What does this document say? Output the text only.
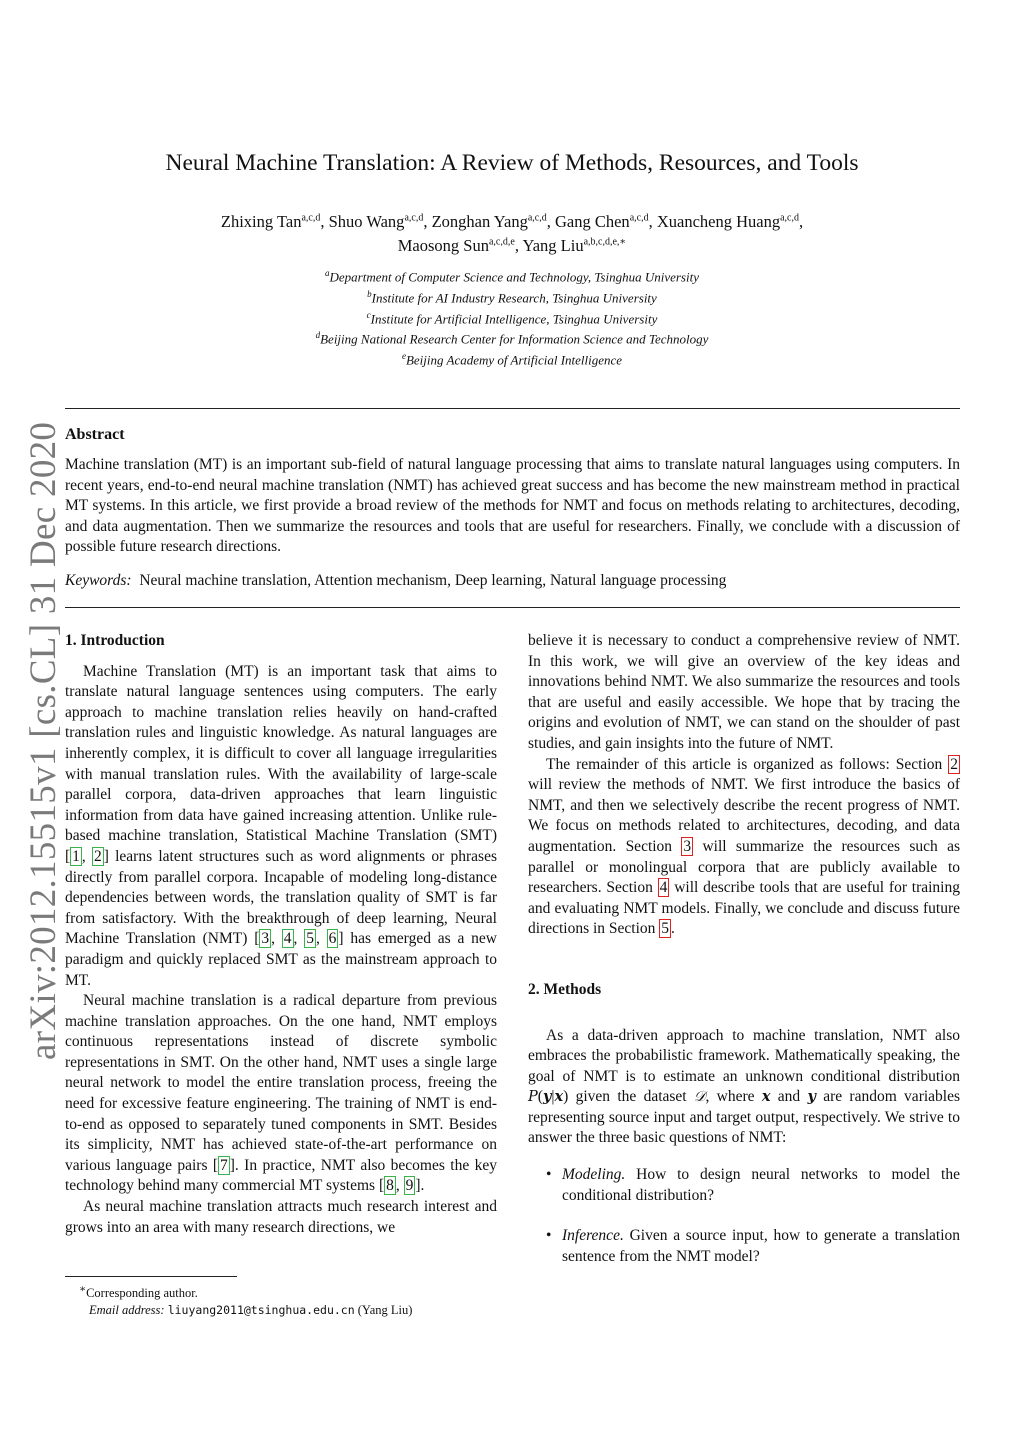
arXiv:2012.15515v1 [cs.CL] 31 Dec 2020
Neural Machine Translation: A Review of Methods, Resources, and Tools
Zhixing Tan$^{a,c,d}$, Shuo Wang$^{a,c,d}$, Zonghan Yang$^{a,c,d}$, Gang Chen$^{a,c,d}$, Xuancheng Huang$^{a,c,d}$,
Maosong Sun$^{a,c,d,e}$, Yang Liu$^{a,b,c,d,e,∗}$
$^a$Department of Computer Science and Technology, Tsinghua University
$^b$Institute for AI Industry Research, Tsinghua University
$^c$Institute for Artificial Intelligence, Tsinghua University
$^d$Beijing National Research Center for Information Science and Technology
$^e$Beijing Academy of Artificial Intelligence
Abstract
Machine translation (MT) is an important sub-field of natural language processing that aims to translate natural languages using computers. In recent years, end-to-end neural machine translation (NMT) has achieved great success and has become the new mainstream method in practical MT systems. In this article, we first provide a broad review of the methods for NMT and focus on methods relating to architectures, decoding, and data augmentation. Then we summarize the resources and tools that are useful for researchers. Finally, we conclude with a discussion of possible future research directions.
Keywords: Neural machine translation, Attention mechanism, Deep learning, Natural language processing
1. Introduction

Machine Translation (MT) is an important task that aims to translate natural language sentences using computers. The early approach to machine translation relies heavily on hand-crafted translation rules and linguistic knowledge. As natural languages are inherently complex, it is difficult to cover all language irregularities with manual translation rules. With the availability of large-scale parallel corpora, data-driven approaches that learn linguistic information from data have gained increasing attention. Unlike rule-based machine translation, Statistical Machine Translation (SMT) [ 1 , 2 ] learns latent structures such as word alignments or phrases directly from parallel corpora. Incapable of modeling long-distance dependencies between words, the translation quality of SMT is far from satisfactory. With the breakthrough of deep learning, Neural Machine Translation (NMT) [ 3 , 4 , 5 , 6 ] has emerged as a new paradigm and quickly replaced SMT as the mainstream approach to MT.

Neural machine translation is a radical departure from previous machine translation approaches. On the one hand, NMT employs continuous representations instead of discrete symbolic representations in SMT. On the other hand, NMT uses a single large neural network to model the entire translation process, freeing the need for excessive feature engineering. The training of NMT is end-to-end as opposed to separately tuned components in SMT. Besides its simplicity, NMT has achieved state-of-the-art performance on various language pairs [ 7 ]. In practice, NMT also becomes the key technology behind many commercial MT systems [ 8 , 9 ].

As neural machine translation attracts much research interest and grows into an area with many research directions, we

believe it is necessary to conduct a comprehensive review of NMT. In this work, we will give an overview of the key ideas and innovations behind NMT. We also summarize the resources and tools that are useful and easily accessible. We hope that by tracing the origins and evolution of NMT, we can stand on the shoulder of past studies, and gain insights into the future of NMT.

The remainder of this article is organized as follows: Section 2 will review the methods of NMT. We first introduce the basics of NMT, and then we selectively describe the recent progress of NMT. We focus on methods related to architectures, decoding, and data augmentation. Section 3 will summarize the resources such as parallel or monolingual corpora that are publicly available to researchers. Section 4 will describe tools that are useful for training and evaluating NMT models. Finally, we conclude and discuss future directions in Section 5 .

2. Methods

As a data-driven approach to machine translation, NMT also embraces the probabilistic framework. Mathematically speaking, the goal of NMT is to estimate an unknown conditional distribution P(y|x) given the dataset 𝒟, where x and y are random variables representing source input and target output, respectively. We strive to answer the three basic questions of NMT:

• Modeling. How to design neural networks to model the conditional distribution?
• Inference. Given a source input, how to generate a translation sentence from the NMT model?
∗Corresponding author.
Email address: liuyang2011@tsinghua.edu.cn (Yang Liu)
